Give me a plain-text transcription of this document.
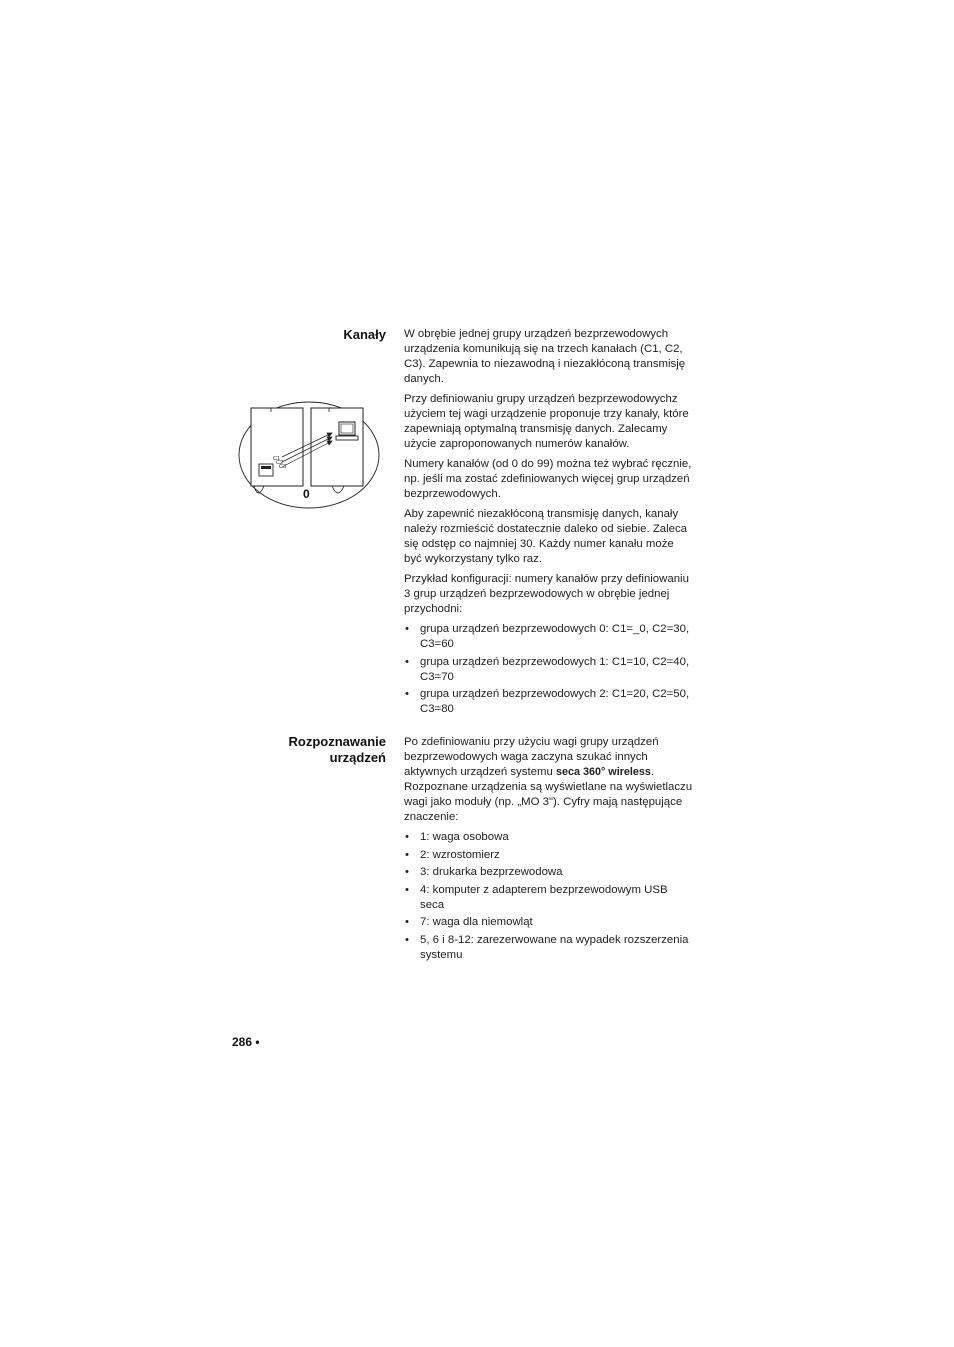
Kanały W obrębie jednej grupy urządzeń bezprzewodowych urządzenia komunikują się na trzech kanałach (C1, C2, C3). Zapewnia to niezawodną i niezakłóconą transmisję danych.

Przy definiowaniu grupy urządzeń bezprzewodowychz użyciem tej wagi urządzenie proponuje trzy kanały, które zapewniają optymalną transmisję danych. Zalecamy użycie zaproponowanych numerów kanałów.

Numery kanałów (od 0 do 99) można też wybrać ręcznie, np. jeśli ma zostać zdefiniowanych więcej grup urządzeń bezprzewodowych.

Aby zapewnić niezakłóconą transmisję danych, kanały należy rozmieścić dostatecznie daleko od siebie. Zaleca się odstęp co najmniej 30. Każdy numer kanału może być wykorzystany tylko raz.

Przykład konfiguracji: numery kanałów przy definiowaniu 3 grup urządzeń bezprzewodowych w obrębie jednej przychodni:

• grupa urządzeń bezprzewodowych 0: C1=_0, C2=30, C3=60
• grupa urządzeń bezprzewodowych 1: C1=10, C2=40, C3=70
• grupa urządzeń bezprzewodowych 2: C1=20, C2=50, C3=80
C1
C2
C3
0
Rozpoznawanie
urządzeń

Po zdefiniowaniu przy użyciu wagi grupy urządzeń bezprzewodowych waga zaczyna szukać innych aktywnych urządzeń systemu seca 360° wireless. Rozpoznane urządzenia są wyświetlane na wyświetlaczu wagi jako moduły (np. „MO 3"). Cyfry mają następujące znaczenie:

• 1: waga osobowa
• 2: wzrostomierz
• 3: drukarka bezprzewodowa
• 4: komputer z adapterem bezprzewodowym USB seca
• 7: waga dla niemowląt
• 5, 6 i 8-12: zarezerwowane na wypadek rozszerzenia systemu
286 •
